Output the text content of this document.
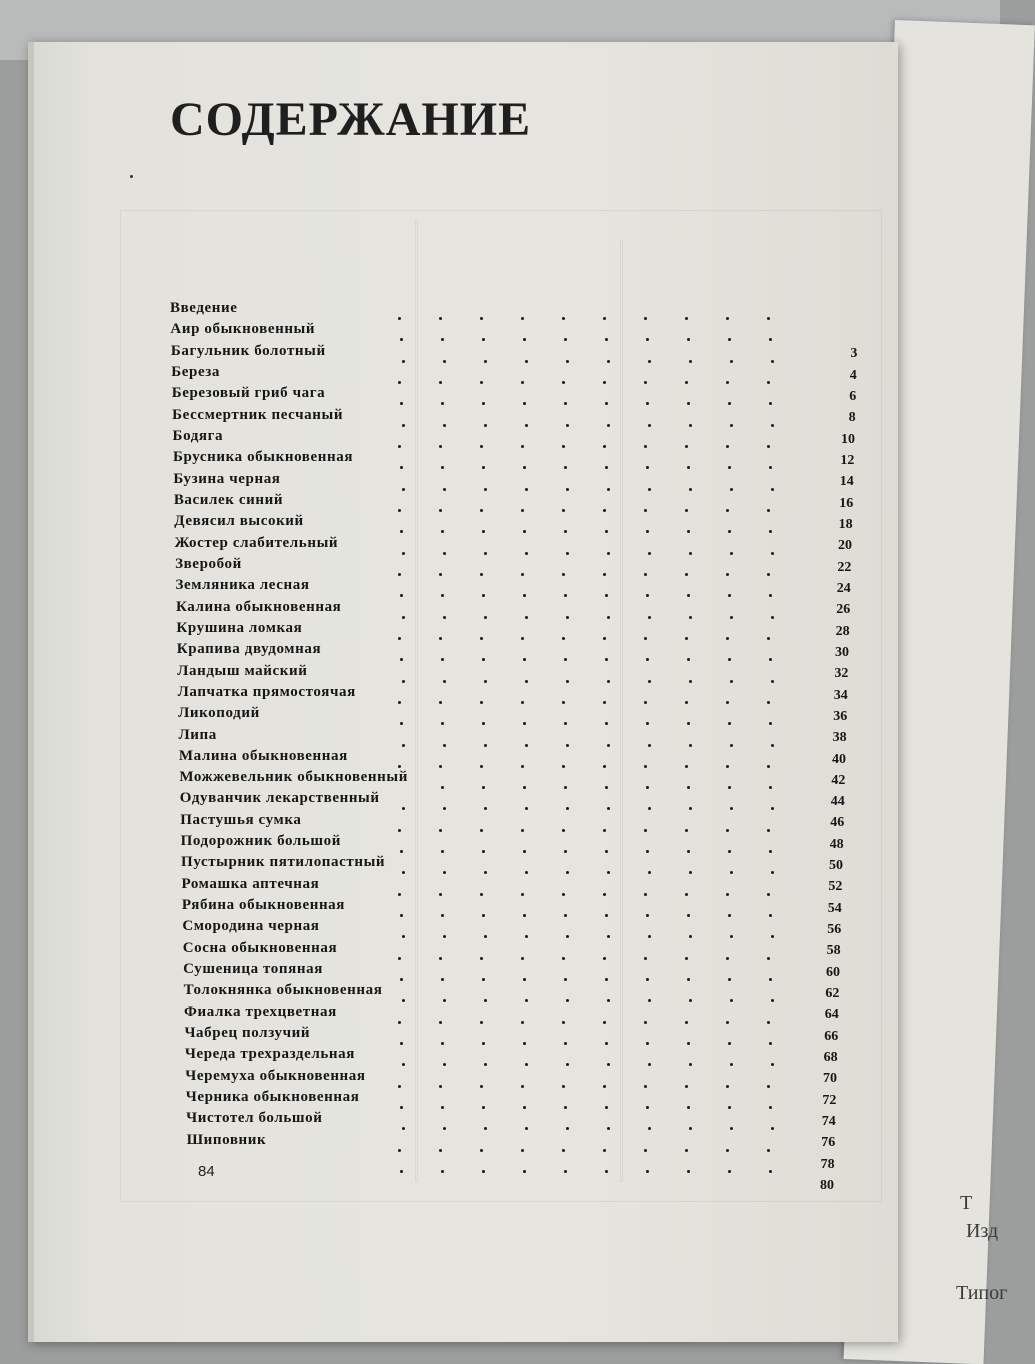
Т
Изд
Типог
СОДЕРЖАНИЕ
Введение
Аир обыкновенный
3
Багульник болотный
4
Береза
6
Березовый гриб чага
8
Бессмертник песчаный
10
Бодяга
12
Брусника обыкновенная
14
Бузина черная
16
Василек синий
18
Девясил высокий
20
Жостер слабительный
22
Зверобой
24
Земляника лесная
26
Калина обыкновенная
28
Крушина ломкая
30
Крапива двудомная
32
Ландыш майский
34
Лапчатка прямостоячая
36
Ликоподий
38
Липа
40
Малина обыкновенная
42
Можжевельник обыкновенный
44
Одуванчик лекарственный
46
Пастушья сумка
48
Подорожник большой
50
Пустырник пятилопастный
52
Ромашка аптечная
54
Рябина обыкновенная
56
Смородина черная
58
Сосна обыкновенная
60
Сушеница топяная
62
Толокнянка обыкновенная
64
Фиалка трехцветная
66
Чабрец ползучий
68
Череда трехраздельная
70
Черемуха обыкновенная
72
Черника обыкновенная
74
Чистотел большой
76
Шиповник
78
80
84
